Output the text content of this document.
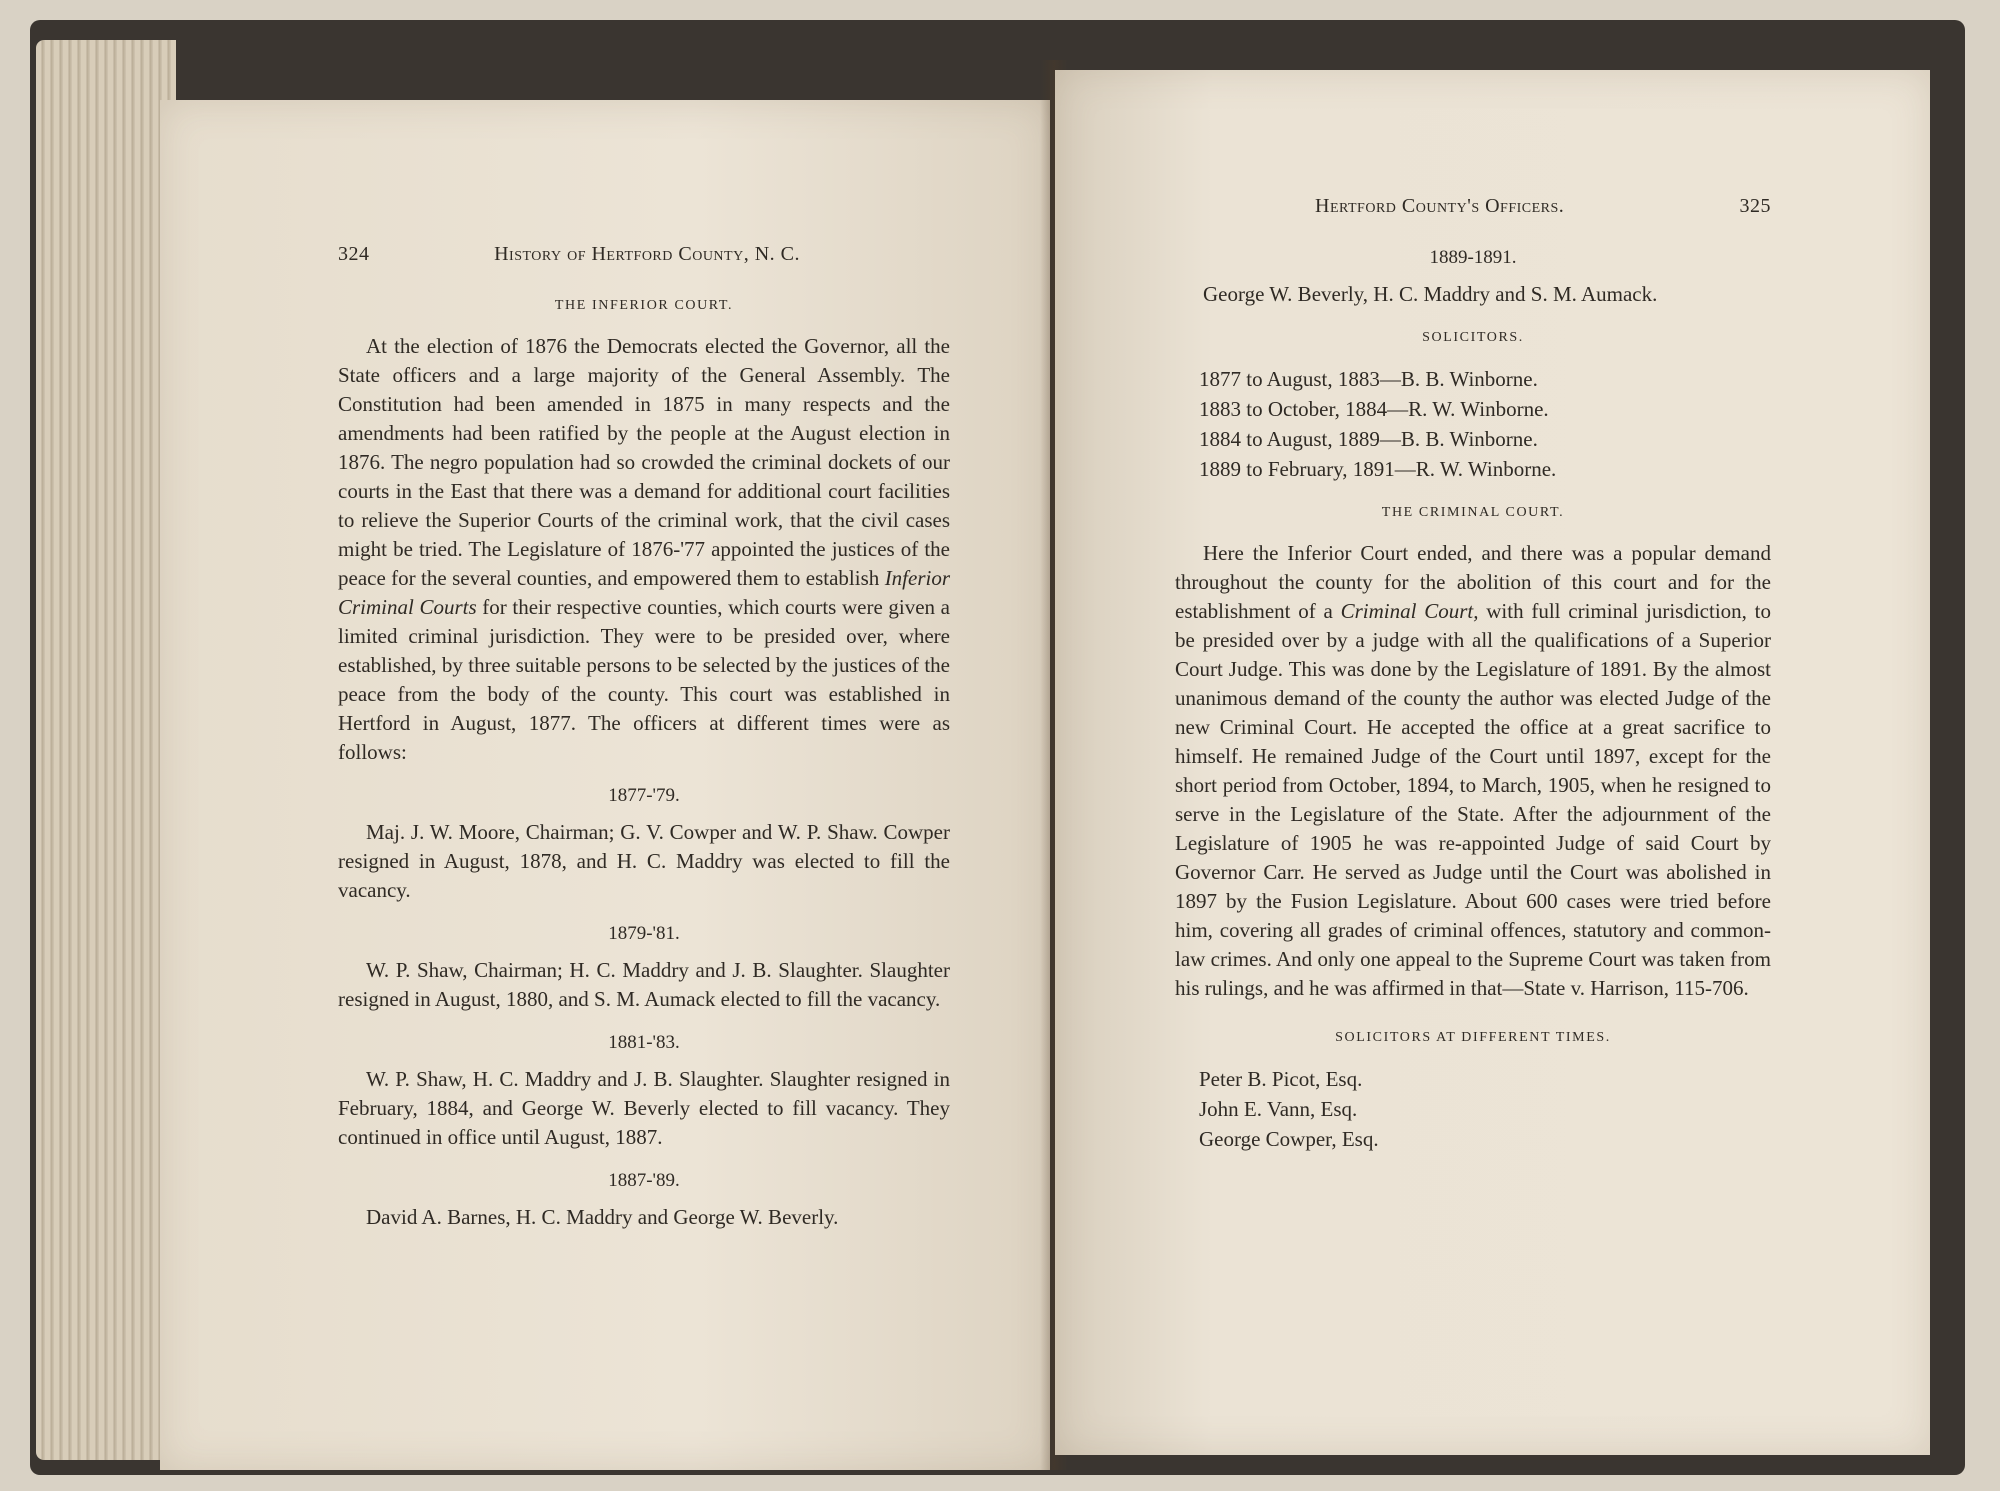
324	History of Hertford County, N. C.
THE INFERIOR COURT.

At the election of 1876 the Democrats elected the Governor, all the State officers and a large majority of the General Assembly. The Constitution had been amended in 1875 in many respects and the amendments had been ratified by the people at the August election in 1876. The negro population had so crowded the criminal dockets of our courts in the East that there was a demand for additional court facilities to relieve the Superior Courts of the criminal work, that the civil cases might be tried. The Legislature of 1876-'77 appointed the justices of the peace for the several counties, and empowered them to establish Inferior Criminal Courts for their respective counties, which courts were given a limited criminal jurisdiction. They were to be presided over, where established, by three suitable persons to be selected by the justices of the peace from the body of the county. This court was established in Hertford in August, 1877. The officers at different times were as follows:

1877-'79.

Maj. J. W. Moore, Chairman; G. V. Cowper and W. P. Shaw. Cowper resigned in August, 1878, and H. C. Maddry was elected to fill the vacancy.

1879-'81.

W. P. Shaw, Chairman; H. C. Maddry and J. B. Slaughter. Slaughter resigned in August, 1880, and S. M. Aumack elected to fill the vacancy.

1881-'83.

W. P. Shaw, H. C. Maddry and J. B. Slaughter. Slaughter resigned in February, 1884, and George W. Beverly elected to fill vacancy. They continued in office until August, 1887.

1887-'89.

David A. Barnes, H. C. Maddry and George W. Beverly.

Hertford County's Officers.	325
1889-1891.

George W. Beverly, H. C. Maddry and S. M. Aumack.

SOLICITORS.
1877 to August, 1883—B. B. Winborne.
1883 to October, 1884—R. W. Winborne.
1884 to August, 1889—B. B. Winborne.
1889 to February, 1891—R. W. Winborne.
THE CRIMINAL COURT.

Here the Inferior Court ended, and there was a popular demand throughout the county for the abolition of this court and for the establishment of a Criminal Court, with full criminal jurisdiction, to be presided over by a judge with all the qualifications of a Superior Court Judge. This was done by the Legislature of 1891. By the almost unanimous demand of the county the author was elected Judge of the new Criminal Court. He accepted the office at a great sacrifice to himself. He remained Judge of the Court until 1897, except for the short period from October, 1894, to March, 1905, when he resigned to serve in the Legislature of the State. After the adjournment of the Legislature of 1905 he was re-appointed Judge of said Court by Governor Carr. He served as Judge until the Court was abolished in 1897 by the Fusion Legislature. About 600 cases were tried before him, covering all grades of criminal offences, statutory and common-law crimes. And only one appeal to the Supreme Court was taken from his rulings, and he was affirmed in that—State v. Harrison, 115-706.

SOLICITORS AT DIFFERENT TIMES.
Peter B. Picot, Esq.
John E. Vann, Esq.
George Cowper, Esq.
